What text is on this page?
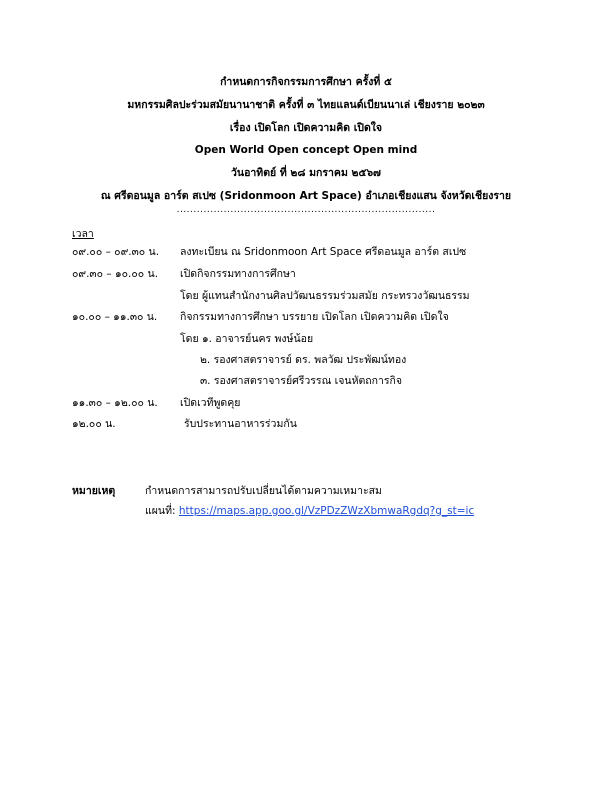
กำหนดการกิจกรรมการศึกษา ครั้งที่ ๕
มหกรรมศิลปะร่วมสมัยนานาชาติ ครั้งที่ ๓ ไทยแลนด์เบียนนาเล่ เชียงราย ๒๐๒๓
เรื่อง เปิดโลก เปิดความคิด เปิดใจ
Open World Open concept Open mind
วันอาทิตย์ ที่ ๒๘ มกราคม ๒๕๖๗
ณ ศรีดอนมูล อาร์ต สเปซ (Sridonmoon Art Space) อำเภอเชียงแสน จังหวัดเชียงราย
.............................................................................
เวลา
๐๙.๐๐ – ๐๙.๓๐ น. ลงทะเบียน ณ Sridonmoon Art Space ศรีดอนมูล อาร์ต สเปซ
๐๙.๓๐ – ๑๐.๐๐ น. เปิดกิจกรรมทางการศึกษา
โดย ผู้แทนสำนักงานศิลปวัฒนธรรมร่วมสมัย กระทรวงวัฒนธรรม
๑๐.๐๐ – ๑๑.๓๐ น. กิจกรรมทางการศึกษา บรรยาย เปิดโลก เปิดความคิด เปิดใจ
โดย ๑. อาจารย์นคร พงษ์น้อย
๒. รองศาสตราจารย์ ดร. พลวัฒ ประพัฒน์ทอง
๓. รองศาสตราจารย์ศรีวรรณ เจนหัตถการกิจ
๑๑.๓๐ – ๑๒.๐๐ น. เปิดเวทีพูดคุย
๑๒.๐๐ น.	รับประทานอาหารร่วมกัน
หมายเหตุ	กำหนดการสามารถปรับเปลี่ยนได้ตามความเหมาะสม
แผนที่: https://maps.app.goo.gl/VzPDzZWzXbmwaRgdq?g_st=ic
